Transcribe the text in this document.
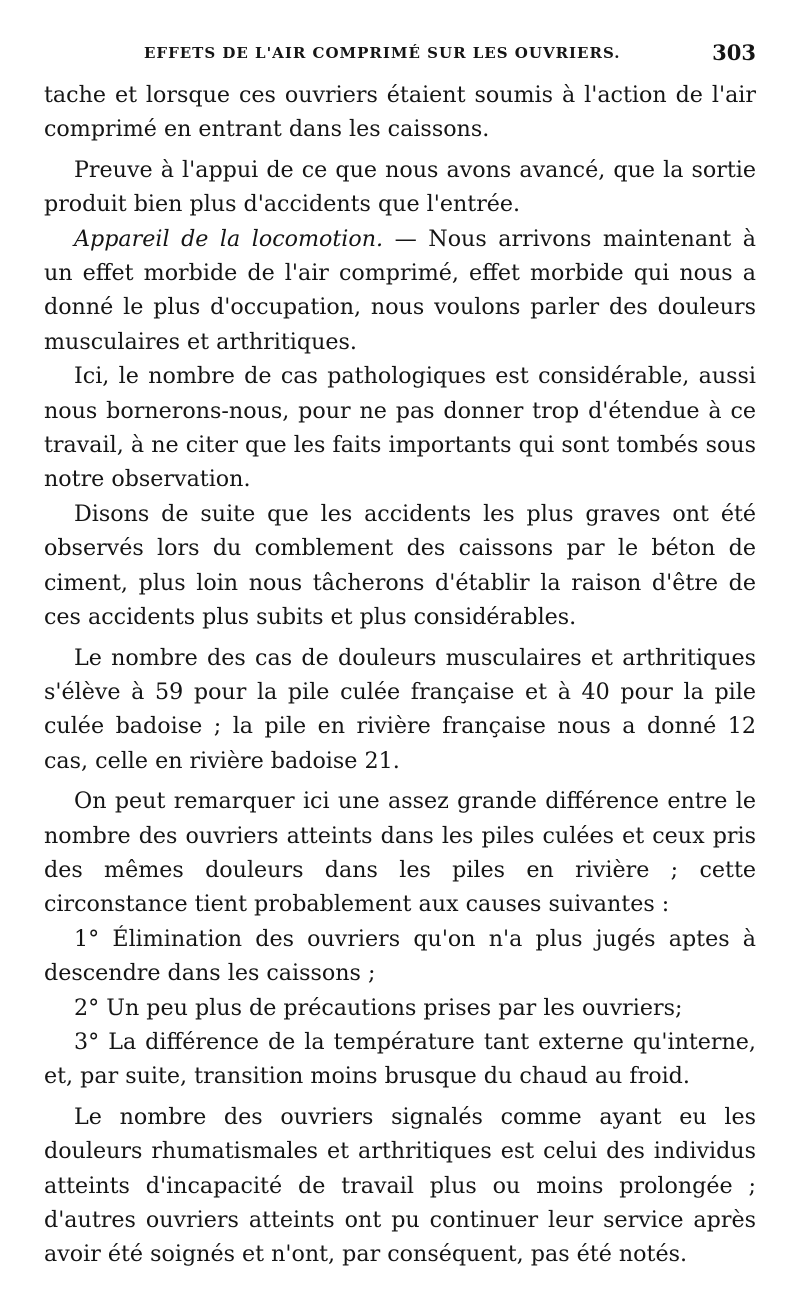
EFFETS DE L'AIR COMPRIMÉ SUR LES OUVRIERS.	303

tache et lorsque ces ouvriers étaient soumis à l'action de l'air comprimé en entrant dans les caissons.

Preuve à l'appui de ce que nous avons avancé, que la sortie produit bien plus d'accidents que l'entrée.

Appareil de la locomotion. — Nous arrivons maintenant à un effet morbide de l'air comprimé, effet morbide qui nous a donné le plus d'occupation, nous voulons parler des douleurs musculaires et arthritiques.

Ici, le nombre de cas pathologiques est considérable, aussi nous bornerons-nous, pour ne pas donner trop d'étendue à ce travail, à ne citer que les faits importants qui sont tombés sous notre observation.

Disons de suite que les accidents les plus graves ont été observés lors du comblement des caissons par le béton de ciment, plus loin nous tâcherons d'établir la raison d'être de ces accidents plus subits et plus considérables.

Le nombre des cas de douleurs musculaires et arthritiques s'élève à 59 pour la pile culée française et à 40 pour la pile culée badoise ; la pile en rivière française nous a donné 12 cas, celle en rivière badoise 21.

On peut remarquer ici une assez grande différence entre le nombre des ouvriers atteints dans les piles culées et ceux pris des mêmes douleurs dans les piles en rivière ; cette circonstance tient probablement aux causes suivantes :

1° Élimination des ouvriers qu'on n'a plus jugés aptes à descendre dans les caissons ;

2° Un peu plus de précautions prises par les ouvriers;

3° La différence de la température tant externe qu'interne, et, par suite, transition moins brusque du chaud au froid.

Le nombre des ouvriers signalés comme ayant eu les douleurs rhumatismales et arthritiques est celui des individus atteints d'incapacité de travail plus ou moins prolongée ; d'autres ouvriers atteints ont pu continuer leur service après avoir été soignés et n'ont, par conséquent, pas été notés.
